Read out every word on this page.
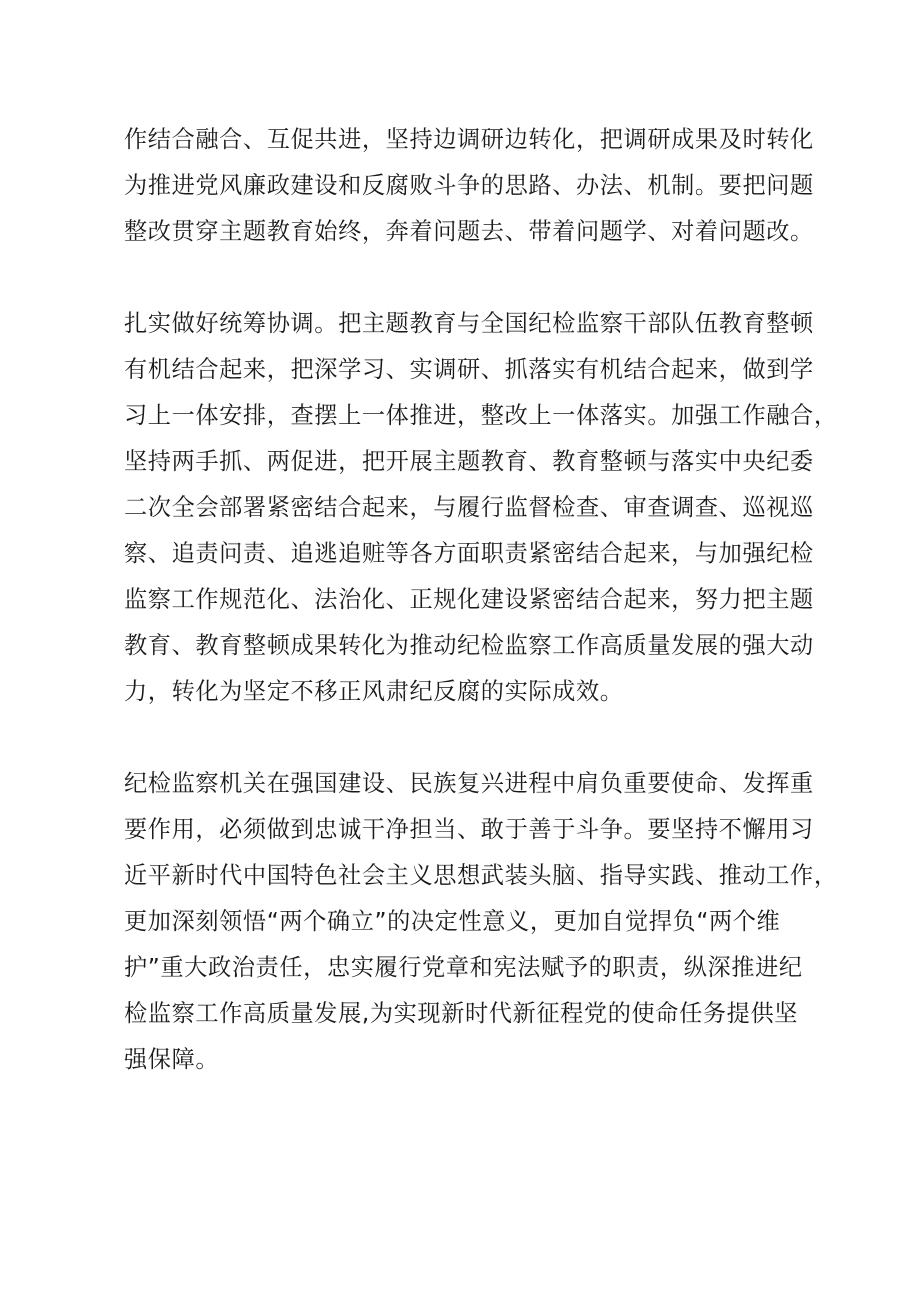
作结合融合、互促共进，坚持边调研边转化，把调研成果及时转化
为推进党风廉政建设和反腐败斗争的思路、办法、机制。要把问题
整改贯穿主题教育始终，奔着问题去、带着问题学、对着问题改。
扎实做好统筹协调。把主题教育与全国纪检监察干部队伍教育整顿
有机结合起来，把深学习、实调研、抓落实有机结合起来，做到学
习上一体安排，查摆上一体推进，整改上一体落实。加强工作融合，
坚持两手抓、两促进，把开展主题教育、教育整顿与落实中央纪委
二次全会部署紧密结合起来，与履行监督检查、审查调查、巡视巡
察、追责问责、追逃追赃等各方面职责紧密结合起来，与加强纪检
监察工作规范化、法治化、正规化建设紧密结合起来，努力把主题
教育、教育整顿成果转化为推动纪检监察工作高质量发展的强大动
力，转化为坚定不移正风肃纪反腐的实际成效。
纪检监察机关在强国建设、民族复兴进程中肩负重要使命、发挥重
要作用，必须做到忠诚干净担当、敢于善于斗争。要坚持不懈用习
近平新时代中国特色社会主义思想武装头脑、指导实践、推动工作，
更加深刻领悟“两个确立”的决定性意义，更加自觉捍负“两个维
护”重大政治责任，忠实履行党章和宪法赋予的职责，纵深推进纪
检监察工作高质量发展,为实现新时代新征程党的使命任务提供坚
强保障。
